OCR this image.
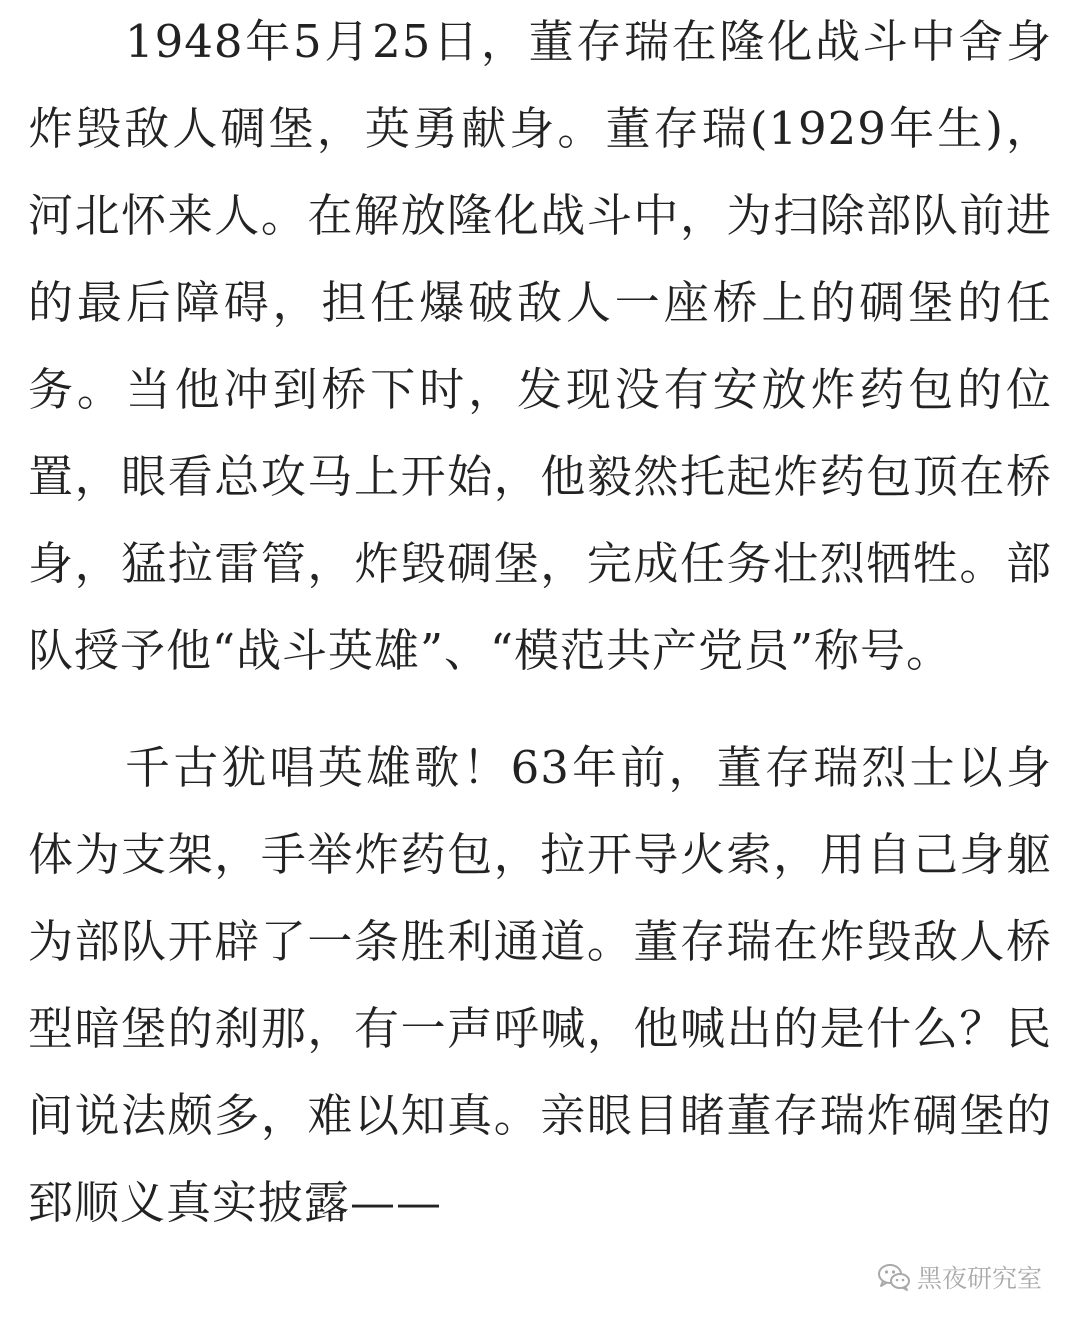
1948年5月25日，董存瑞在隆化战斗中舍身炸毁敌人碉堡，英勇献身。董存瑞(1929年生)，河北怀来人。在解放隆化战斗中，为扫除部队前进的最后障碍，担任爆破敌人一座桥上的碉堡的任务。当他冲到桥下时，发现没有安放炸药包的位置，眼看总攻马上开始，他毅然托起炸药包顶在桥身，猛拉雷管，炸毁碉堡，完成任务壮烈牺牲。部队授予他“战斗英雄”、“模范共产党员”称号。

千古犹唱英雄歌！63年前，董存瑞烈士以身体为支架，手举炸药包，拉开导火索，用自己身躯为部队开辟了一条胜利通道。董存瑞在炸毁敌人桥型暗堡的刹那，有一声呼喊，他喊出的是什么？民间说法颇多，难以知真。亲眼目睹董存瑞炸碉堡的郅顺义真实披露——

黑夜研究室
